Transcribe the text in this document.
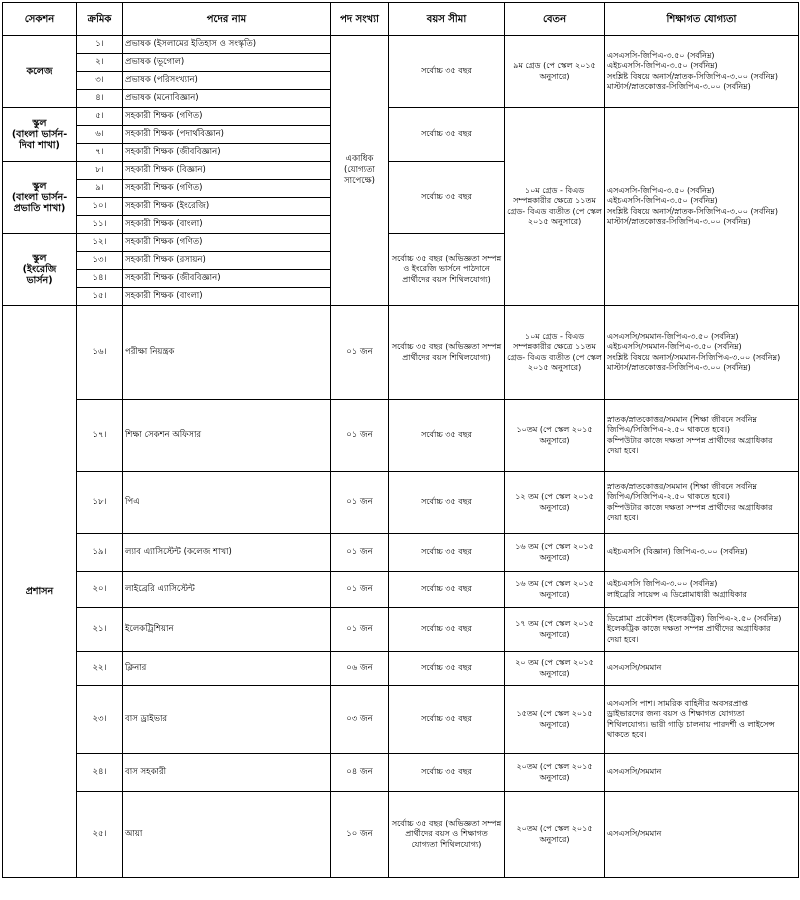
সেকশন	ক্রমিক	পদের নাম	পদ সংখ্যা	বয়স সীমা	বেতন	শিক্ষাগত যোগ্যতা
কলেজ	১।	প্রভাষক (ইসলামের ইতিহাস ও সংস্কৃতি)	একাধিক (যোগ্যতা সাপেক্ষে)	সর্বোচ্চ ৩৫ বছর	৯ম গ্রেড (পে স্কেল ২০১৫ অনুসারে)	এসএসসি-জিপিএ-৩.৫০ (সর্বনিম্ন)
এইচএসসি-জিপিএ-৩.৫০ (সর্বনিম্ন)
সংশ্লিষ্ট বিষয়ে অনার্স/স্নাতক-সিজিপিএ-৩.০০ (সর্বনিম্ন)
মাস্টার্স/স্নাতকোত্তর-সিজিপিএ-৩.০০ (সর্বনিম্ন)

	২।	প্রভাষক (ভূগোল)				
	৩।	প্রভাষক (পরিসংখ্যান)				
	৪।	প্রভাষক (মনোবিজ্ঞান)				

স্কুল
(বাংলা ভার্সন-
দিবা শাখা)	৫।	সহকারী শিক্ষক (গণিত)		সর্বোচ্চ ৩৫ বছর	১০ম গ্রেড - বিএড সম্পন্নকারীর ক্ষেত্রে ১১তম গ্রেড- বিএড ব্যতীত (পে স্কেল ২০১৫ অনুসারে)	এসএসসি-জিপিএ-৩.৫০ (সর্বনিম্ন)
এইচএসসি-জিপিএ-৩.৫০ (সর্বনিম্ন)
সংশ্লিষ্ট বিষয়ে অনার্স/স্নাতক-সিজিপিএ-৩.০০ (সর্বনিম্ন)
মাস্টার্স/স্নাতকোত্তর-সিজিপিএ-৩.০০ (সর্বনিম্ন)

	৬।	সহকারী শিক্ষক (পদার্থবিজ্ঞান)				
	৭।	সহকারী শিক্ষক (জীববিজ্ঞান)				

স্কুল
(বাংলা ভার্সন-
প্রভাতি শাখা)	৮।	সহকারী শিক্ষক (বিজ্ঞান)		সর্বোচ্চ ৩৫ বছর		
	৯।	সহকারী শিক্ষক (গণিত)				
	১০।	সহকারী শিক্ষক (ইংরেজি)				
	১১।	সহকারী শিক্ষক (বাংলা)				

স্কুল
(ইংরেজি
ভার্সন)	১২।	সহকারী শিক্ষক (গণিত)		সর্বোচ্চ ৩৫ বছর (অভিজ্ঞতা সম্পন্ন ও ইংরেজি ভার্সনে পাঠদানে প্রার্থীদের বয়স শিথিলযোগ্য)		
	১৩।	সহকারী শিক্ষক (রসায়ন)				
	১৪।	সহকারী শিক্ষক (জীববিজ্ঞান)				
	১৫।	সহকারী শিক্ষক (বাংলা)				
প্রশাসন	১৬।	পরীক্ষা নিয়ন্ত্রক	০১ জন	সর্বোচ্চ ৩৫ বছর (অভিজ্ঞতা সম্পন্ন প্রার্থীদের বয়স শিথিলযোগ্য)	১০ম গ্রেড - বিএড সম্পন্নকারীর ক্ষেত্রে ১১তম গ্রেড- বিএড ব্যতীত (পে স্কেল ২০১৫ অনুসারে)	এসএসসি/সমমান-জিপিএ-৩.৫০ (সর্বনিম্ন)
এইচএসসি/সমমান-জিপিএ-৩.৫০ (সর্বনিম্ন)
সংশ্লিষ্ট বিষয়ে অনার্স/সমমান-সিজিপিএ-৩.০০ (সর্বনিম্ন)
মাস্টার্স/স্নাতকোত্তর-সিজিপিএ-৩.০০ (সর্বনিম্ন)

	১৭।	শিক্ষা সেকশন অফিসার	০১ জন	সর্বোচ্চ ৩৫ বছর	১০তম (পে স্কেল ২০১৫ অনুসারে)	স্নাতক/স্নাতকোত্তর/সমমান (শিক্ষা জীবনে সর্বনিম্ন
জিপিএ/সিজিপিএ-২.৫০ থাকতে হবে।)
কম্পিউটার কাজে দক্ষতা সম্পন্ন প্রার্থীদের অগ্রাধিকার
দেয়া হবে।

	১৮।	পিএ	০১ জন	সর্বোচ্চ ৩৫ বছর	১২ তম (পে স্কেল ২০১৫ অনুসারে)	স্নাতক/স্নাতকোত্তর/সমমান (শিক্ষা জীবনে সর্বনিম্ন
জিপিএ/সিজিপিএ-২.৫০ থাকতে হবে।)
কম্পিউটার কাজে দক্ষতা সম্পন্ন প্রার্থীদের অগ্রাধিকার
দেয়া হবে।

	১৯।	ল্যাব এ্যাসিস্টেন্ট (কলেজ শাখা)	০১ জন	সর্বোচ্চ ৩৫ বছর	১৬ তম (পে স্কেল ২০১৫ অনুসারে)	এইচএসসি (বিজ্ঞান) জিপিএ-৩.০০ (সর্বনিম্ন)

	২০।	লাইব্রেরি এ্যাসিস্টেন্ট	০১ জন	সর্বোচ্চ ৩৫ বছর	১৬ তম (পে স্কেল ২০১৫ অনুসারে)	এইচএসসি জিপিএ-৩.০০ (সর্বনিম্ন)
লাইব্রেরি সায়েন্স এ ডিপ্লোমাধারী অগ্রাধিকার

	২১।	ইলেকট্রিশিয়ান	০১ জন	সর্বোচ্চ ৩৫ বছর	১৭ তম (পে স্কেল ২০১৫ অনুসারে)	ডিপ্লোমা প্রকৌশল (ইলেকট্রিক) জিপিএ-২.৫০ (সর্বনিম্ন)
ইলেকট্রিক কাজে দক্ষতা সম্পন্ন প্রার্থীদের অগ্রাধিকার
দেয়া হবে।

	২২।	ক্লিনার	০৬ জন	সর্বোচ্চ ৩৫ বছর	২০ তম (পে স্কেল ২০১৫ অনুসারে)	এসএসসি/সমমান

	২৩।	বাস ড্রাইভার	০৩ জন	সর্বোচ্চ ৩৫ বছর	১৫তম (পে স্কেল ২০১৫ অনুসারে)	এসএসসি পাশ। সামরিক বাহিনীর অবসরপ্রাপ্ত
ড্রাইভারদের জন্য বয়স ও শিক্ষাগত যোগ্যতা
শিথিলযোগ্য। ভারী গাড়ি চালনায় পারদর্শী ও লাইসেন্স
থাকতে হবে।

	২৪।	বাস সহকারী	০৪ জন	সর্বোচ্চ ৩৫ বছর	২০তম (পে স্কেল ২০১৫ অনুসারে)	এসএসসি/সমমান

	২৫।	আয়া	১০ জন	সর্বোচ্চ ৩৫ বছর (অভিজ্ঞতা সম্পন্ন প্রার্থীদের বয়স ও শিক্ষাগত যোগ্যতা শিথিলযোগ্য)	২০তম (পে স্কেল ২০১৫ অনুসারে)	এসএসসি/সমমান
